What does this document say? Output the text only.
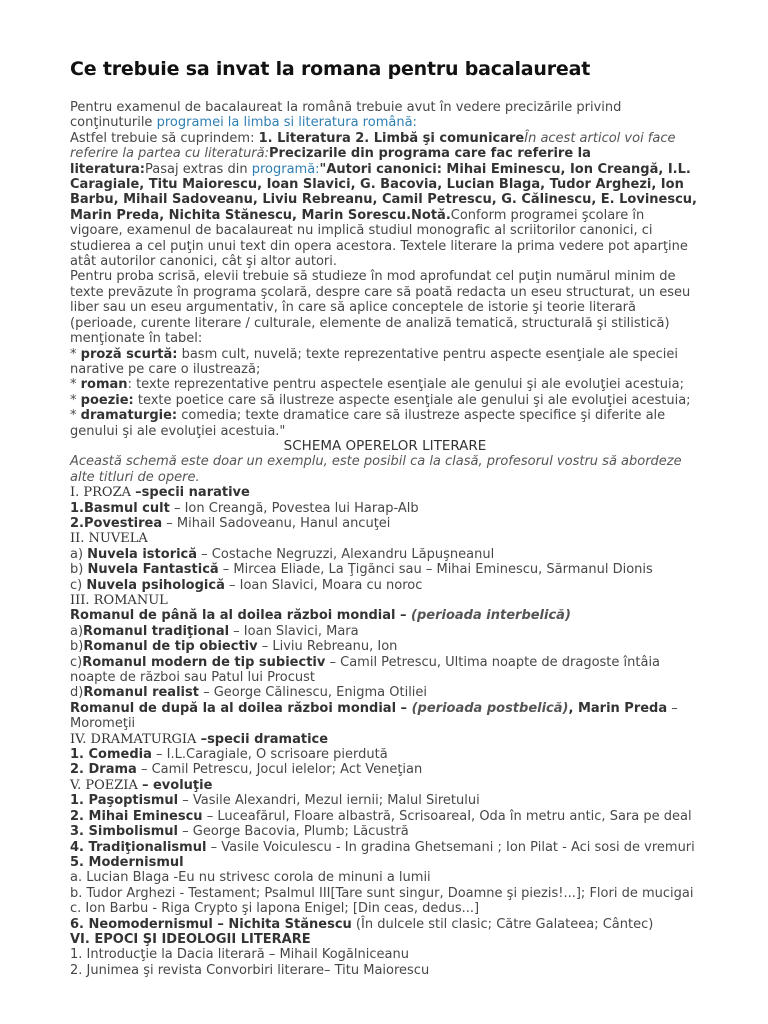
Ce trebuie sa invat la romana pentru bacalaureat

Pentru examenul de bacalaureat la română trebuie avut în vedere precizările privind conţinuturile programei la limba si literatura română:

Astfel trebuie să cuprindem: 1. Literatura 2. Limbă şi comunicareÎn acest articol voi face referire la partea cu literatură:Precizarile din programa care fac referire la literatura:Pasaj extras din programă:"Autori canonici: Mihai Eminescu, Ion Creangă, I.L. Caragiale, Titu Maiorescu, Ioan Slavici, G. Bacovia, Lucian Blaga, Tudor Arghezi, Ion Barbu, Mihail Sadoveanu, Liviu Rebreanu, Camil Petrescu, G. Călinescu, E. Lovinescu, Marin Preda, Nichita Stănescu, Marin Sorescu.Notă.Conform programei şcolare în vigoare, examenul de bacalaureat nu implică studiul monografic al scriitorilor canonici, ci studierea a cel puţin unui text din opera acestora. Textele literare la prima vedere pot aparţine atât autorilor canonici, cât şi altor autori.

Pentru proba scrisă, elevii trebuie să studieze în mod aprofundat cel puţin numărul minim de texte prevăzute în programa şcolară, despre care să poată redacta un eseu structurat, un eseu liber sau un eseu argumentativ, în care să aplice conceptele de istorie şi teorie literară (perioade, curente literare / culturale, elemente de analiză tematică, structurală şi stilistică) menţionate în tabel:

* proză scurtă: basm cult, nuvelă; texte reprezentative pentru aspecte esenţiale ale speciei narative pe care o ilustrează;

* roman: texte reprezentative pentru aspectele esenţiale ale genului şi ale evoluţiei acestuia;

* poezie: texte poetice care să ilustreze aspecte esenţiale ale genului şi ale evoluţiei acestuia;

* dramaturgie: comedia; texte dramatice care să ilustreze aspecte specifice şi diferite ale genului şi ale evoluţiei acestuia."

SCHEMA OPERELOR LITERARE

Această schemă este doar un exemplu, este posibil ca la clasă, profesorul vostru să abordeze alte titluri de opere.

I. PROZA –specii narative

1.Basmul cult – Ion Creangă, Povestea lui Harap-Alb

2.Povestirea – Mihail Sadoveanu, Hanul ancuţei

II. NUVELA

a) Nuvela istorică – Costache Negruzzi, Alexandru Lăpuşneanul

b) Nuvela Fantastică – Mircea Eliade, La Ţigănci sau – Mihai Eminescu, Sărmanul Dionis

c) Nuvela psihologică – Ioan Slavici, Moara cu noroc

III. ROMANUL

Romanul de până la al doilea război mondial – (perioada interbelică)

a)Romanul tradiţional – Ioan Slavici, Mara

b)Romanul de tip obiectiv – Liviu Rebreanu, Ion

c)Romanul modern de tip subiectiv – Camil Petrescu, Ultima noapte de dragoste întâia noapte de război sau Patul lui Procust

d)Romanul realist – George Călinescu, Enigma Otiliei

Romanul de după la al doilea război mondial – (perioada postbelică), Marin Preda – Moromeţii

IV. DRAMATURGIA –specii dramatice

1. Comedia – I.L.Caragiale, O scrisoare pierdută

2. Drama – Camil Petrescu, Jocul ielelor; Act Veneţian

V. POEZIA – evoluţie

1. Paşoptismul – Vasile Alexandri, Mezul iernii; Malul Siretului

2. Mihai Eminescu – Luceafărul, Floare albastră, ScrisoareaI, Oda în metru antic, Sara pe deal

3. Simbolismul – George Bacovia, Plumb; Lăcustră

4. Tradiţionalismul – Vasile Voiculescu - In gradina Ghetsemani ; Ion Pilat - Aci sosi de vremuri

5. Modernismul

a. Lucian Blaga -Eu nu strivesc corola de minuni a lumii

b. Tudor Arghezi - Testament; Psalmul III[Tare sunt singur, Doamne şi piezis!...]; Flori de mucigai

c. Ion Barbu - Riga Crypto şi lapona Enigel; [Din ceas, dedus...]

6. Neomodernismul – Nichita Stănescu (În dulcele stil clasic; Către Galateea; Cântec)

VI. EPOCI ŞI IDEOLOGII LITERARE

1. Introducţie la Dacia literară – Mihail Kogălniceanu

2. Junimea şi revista Convorbiri literare– Titu Maiorescu
